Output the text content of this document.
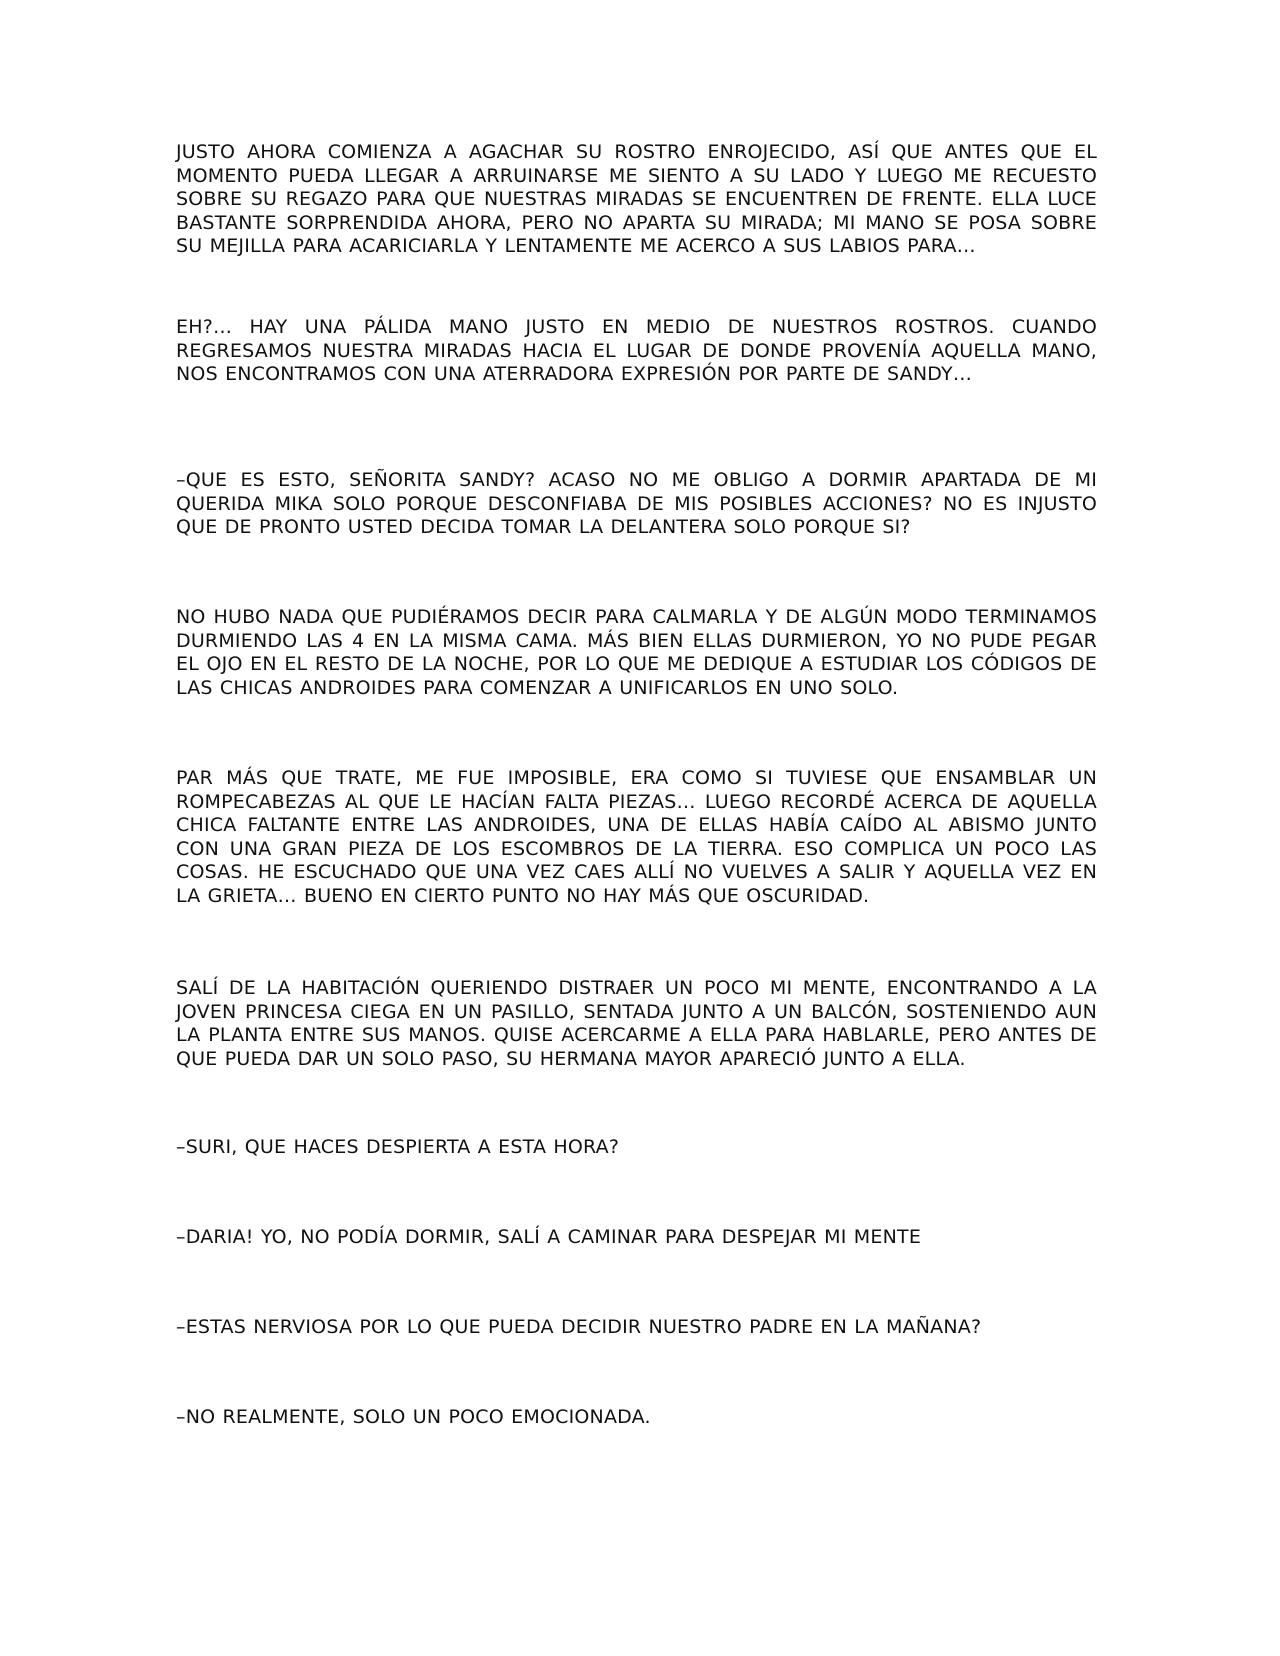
JUSTO AHORA COMIENZA A AGACHAR SU ROSTRO ENROJECIDO, ASÍ QUE ANTES QUE EL MOMENTO PUEDA LLEGAR A ARRUINARSE ME SIENTO A SU LADO Y LUEGO ME RECUESTO SOBRE SU REGAZO PARA QUE NUESTRAS MIRADAS SE ENCUENTREN DE FRENTE. ELLA LUCE BASTANTE SORPRENDIDA AHORA, PERO NO APARTA SU MIRADA; MI MANO SE POSA SOBRE SU MEJILLA PARA ACARICIARLA Y LENTAMENTE ME ACERCO A SUS LABIOS PARA…

EH?… HAY UNA PÁLIDA MANO JUSTO EN MEDIO DE NUESTROS ROSTROS. CUANDO REGRESAMOS NUESTRA MIRADAS HACIA EL LUGAR DE DONDE PROVENÍA AQUELLA MANO, NOS ENCONTRAMOS CON UNA ATERRADORA EXPRESIÓN POR PARTE DE SANDY…

–QUE ES ESTO, SEÑORITA SANDY? ACASO NO ME OBLIGO A DORMIR APARTADA DE MI QUERIDA MIKA SOLO PORQUE DESCONFIABA DE MIS POSIBLES ACCIONES? NO ES INJUSTO QUE DE PRONTO USTED DECIDA TOMAR LA DELANTERA SOLO PORQUE SI?

NO HUBO NADA QUE PUDIÉRAMOS DECIR PARA CALMARLA Y DE ALGÚN MODO TERMINAMOS DURMIENDO LAS 4 EN LA MISMA CAMA. MÁS BIEN ELLAS DURMIERON, YO NO PUDE PEGAR EL OJO EN EL RESTO DE LA NOCHE, POR LO QUE ME DEDIQUE A ESTUDIAR LOS CÓDIGOS DE LAS CHICAS ANDROIDES PARA COMENZAR A UNIFICARLOS EN UNO SOLO.

PAR MÁS QUE TRATE, ME FUE IMPOSIBLE, ERA COMO SI TUVIESE QUE ENSAMBLAR UN ROMPECABEZAS AL QUE LE HACÍAN FALTA PIEZAS… LUEGO RECORDÉ ACERCA DE AQUELLA CHICA FALTANTE ENTRE LAS ANDROIDES, UNA DE ELLAS HABÍA CAÍDO AL ABISMO JUNTO CON UNA GRAN PIEZA DE LOS ESCOMBROS DE LA TIERRA. ESO COMPLICA UN POCO LAS COSAS. HE ESCUCHADO QUE UNA VEZ CAES ALLÍ NO VUELVES A SALIR Y AQUELLA VEZ EN LA GRIETA… BUENO EN CIERTO PUNTO NO HAY MÁS QUE OSCURIDAD.

SALÍ DE LA HABITACIÓN QUERIENDO DISTRAER UN POCO MI MENTE, ENCONTRANDO A LA JOVEN PRINCESA CIEGA EN UN PASILLO, SENTADA JUNTO A UN BALCÓN, SOSTENIENDO AUN LA PLANTA ENTRE SUS MANOS. QUISE ACERCARME A ELLA PARA HABLARLE, PERO ANTES DE QUE PUEDA DAR UN SOLO PASO, SU HERMANA MAYOR APARECIÓ JUNTO A ELLA.

–SURI, QUE HACES DESPIERTA A ESTA HORA?

–DARIA! YO, NO PODÍA DORMIR, SALÍ A CAMINAR PARA DESPEJAR MI MENTE

–ESTAS NERVIOSA POR LO QUE PUEDA DECIDIR NUESTRO PADRE EN LA MAÑANA?

–NO REALMENTE, SOLO UN POCO EMOCIONADA.
